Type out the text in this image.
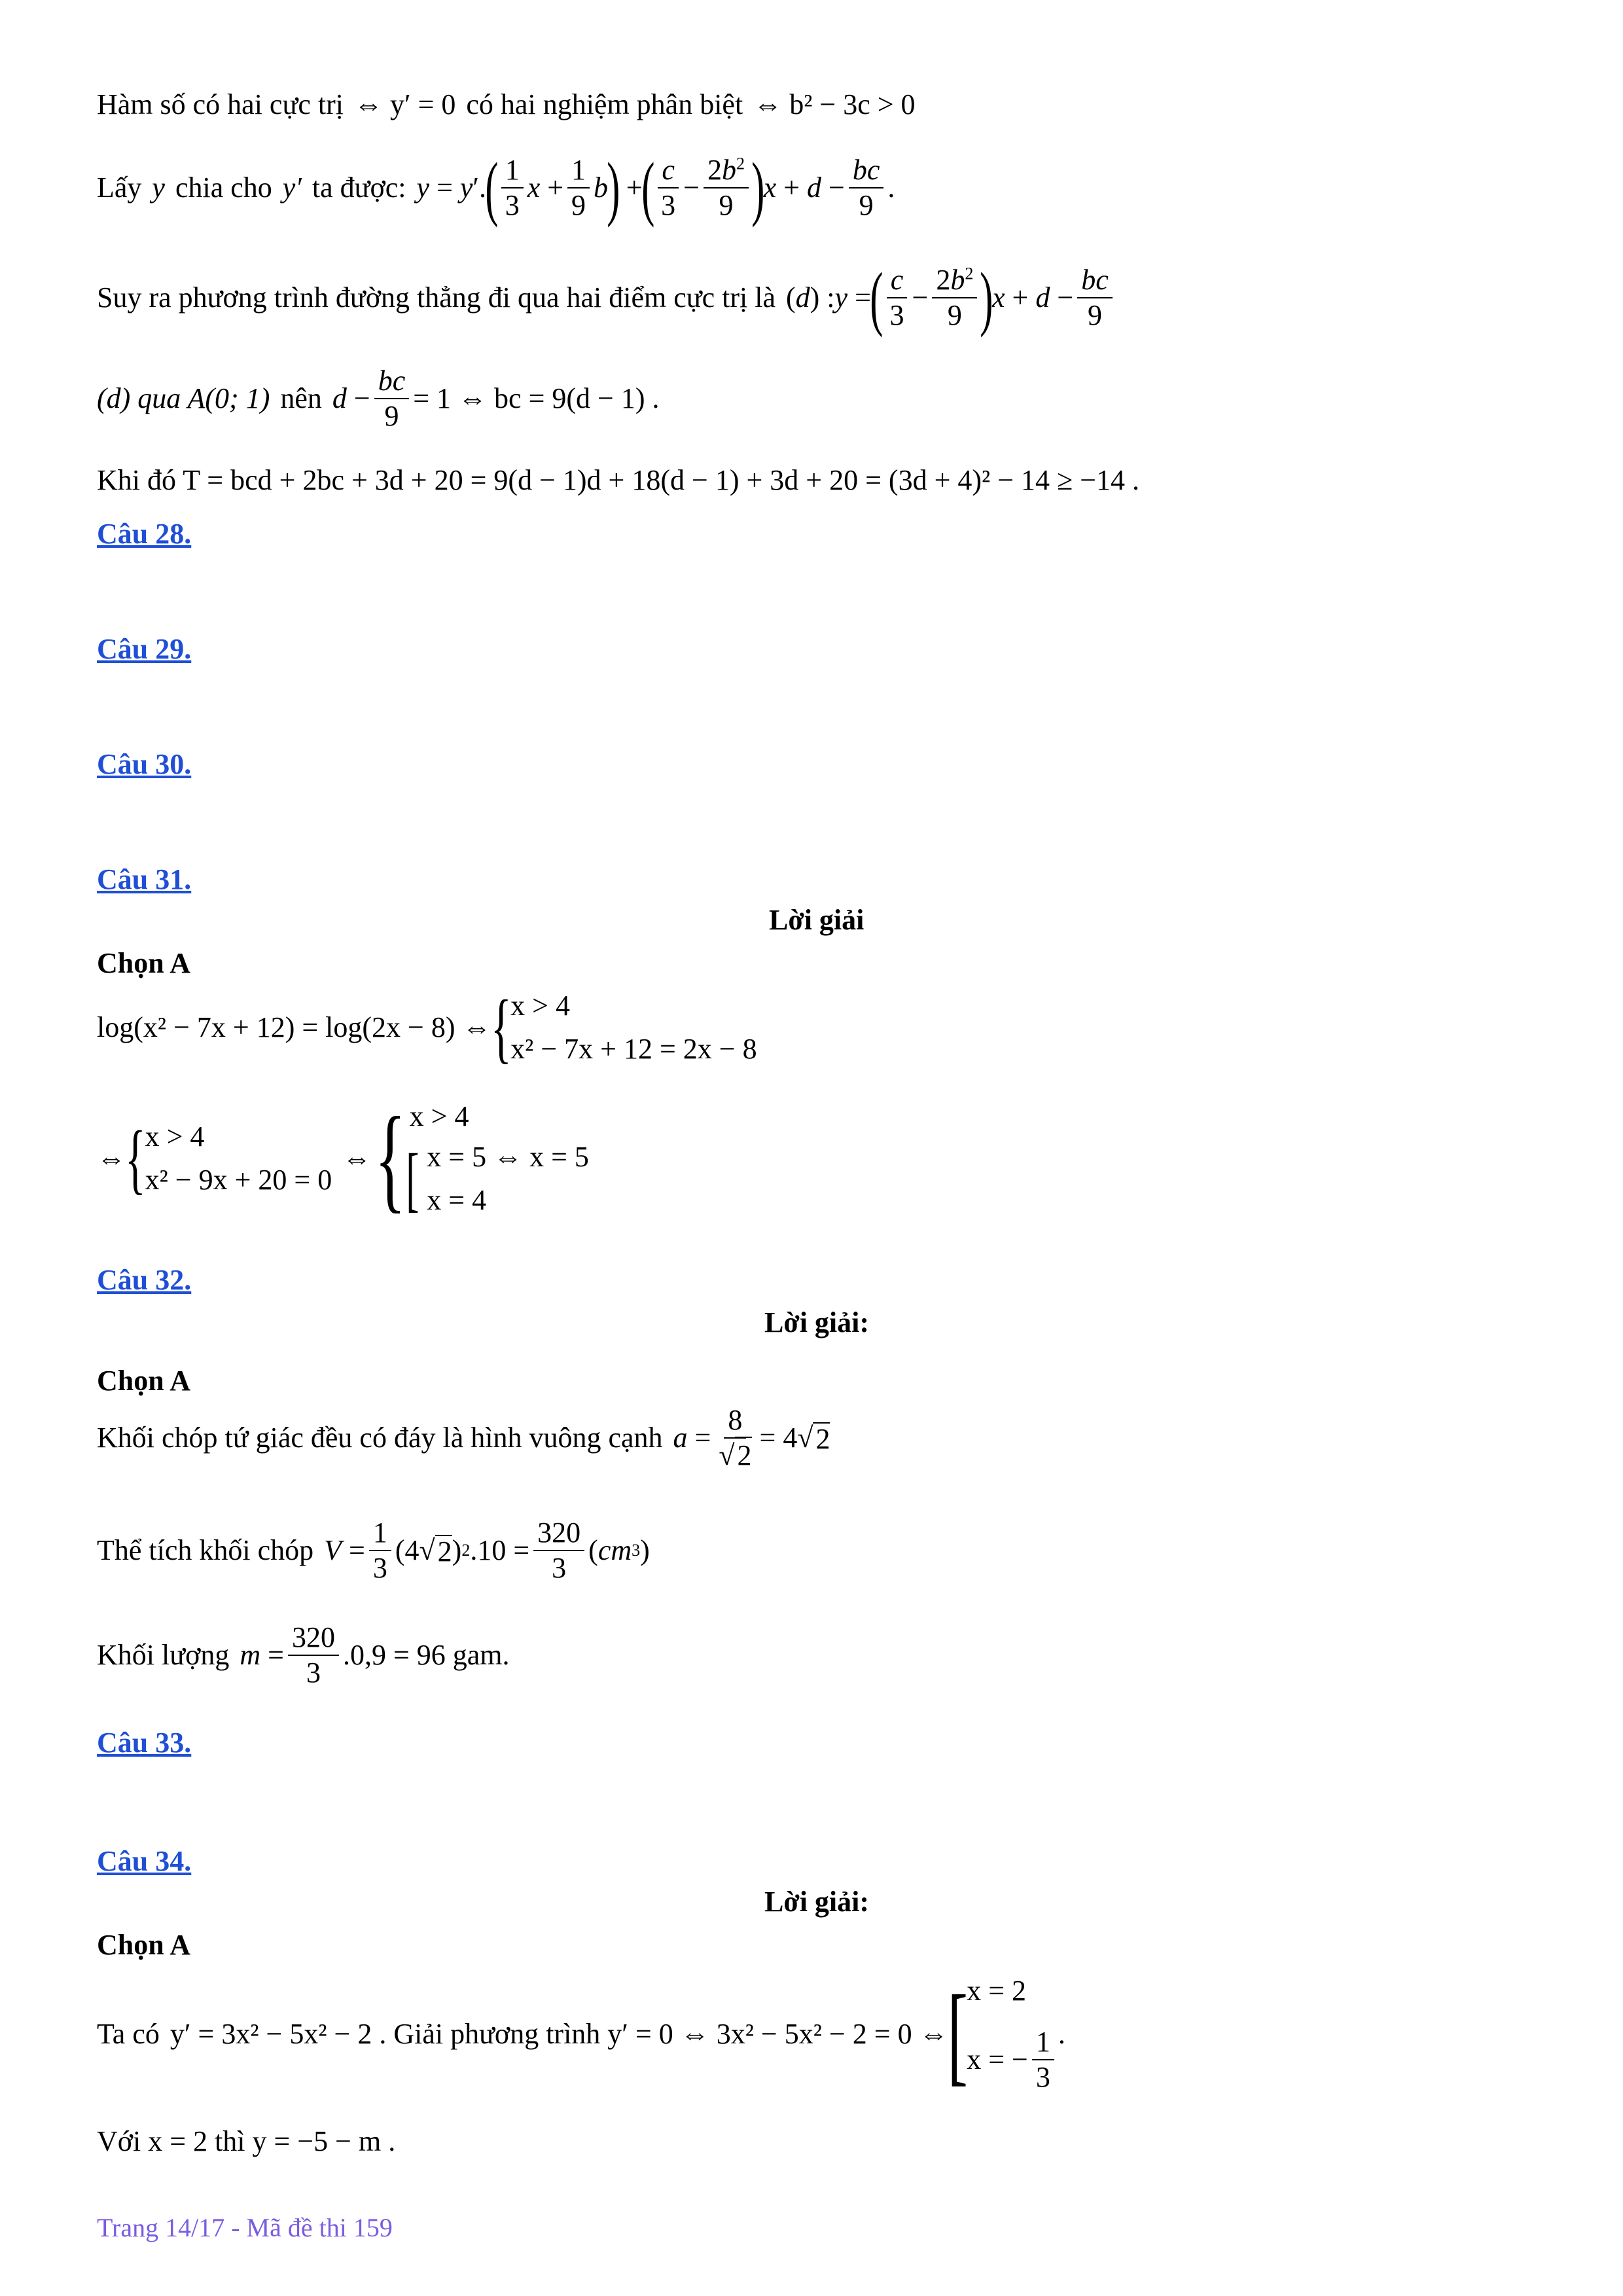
Hàm số có hai cực trị ⇔ y′ = 0 có hai nghiệm phân biệt ⇔ b² − 3c > 0
Lấy y chia cho y′ ta được: y = y ′.
( $\frac{1}{3}$ $x + \frac{1}{9}$ b
)
+
( $\frac{c}{3} - \frac{2b^2}{9}$ )
$x + d - \frac{bc}{9}$ .
Suy ra phương trình đường thẳng đi qua hai điểm cực trị là ( d ) : y =
( $\frac{c}{3} - \frac{2b^2}{9}$ )
$x + d - \frac{bc}{9}$
(d) qua A(0; 1) nên $d - \frac{bc}{9} = 1$ ⇔ bc = 9(d − 1) .
Khi đó T = bcd + 2bc + 3d + 20 = 9(d − 1)d + 18(d − 1) + 3d + 20 = (3d + 4)² − 14 ≥ −14 .
Câu 28.
Câu 29.
Câu 30.
Câu 31.
Lời giải
Chọn A
log(x² − 7x + 12) = log(2x − 8) ⇔
{
x > 4
x² − 7x + 12 = 2x − 8
⇔
{
x > 4
x² − 9x + 20 = 0
⇔ { x > 4
[ x = 5 ⇔ x = 5
x = 4
Câu 32.
Lời giải:
Chọn A
Khối chóp tứ giác đều có đáy là hình vuông cạnh $a = \frac{8}{√2} = 4√$ 2
Thể tích khối chóp $V = \frac{1}{3} (4√$ 2 ) 2 $.10 = \frac{320}{3}$ ( cm 3 )
Khối lượng $m = \frac{320}{3} .0,9 = 96$ gam.
Câu 33.
Câu 34.
Lời giải:
Chọn A
Ta có y′ = 3x² − 5x² − 2 . Giải phương trình y′ = 0 ⇔ 3x² − 5x² − 2 = 0 ⇔
[
x = 2
x = − $\frac{1}{3}$ .
Với x = 2 thì y = −5 − m .
Trang 14/17 - Mã đề thi 159
